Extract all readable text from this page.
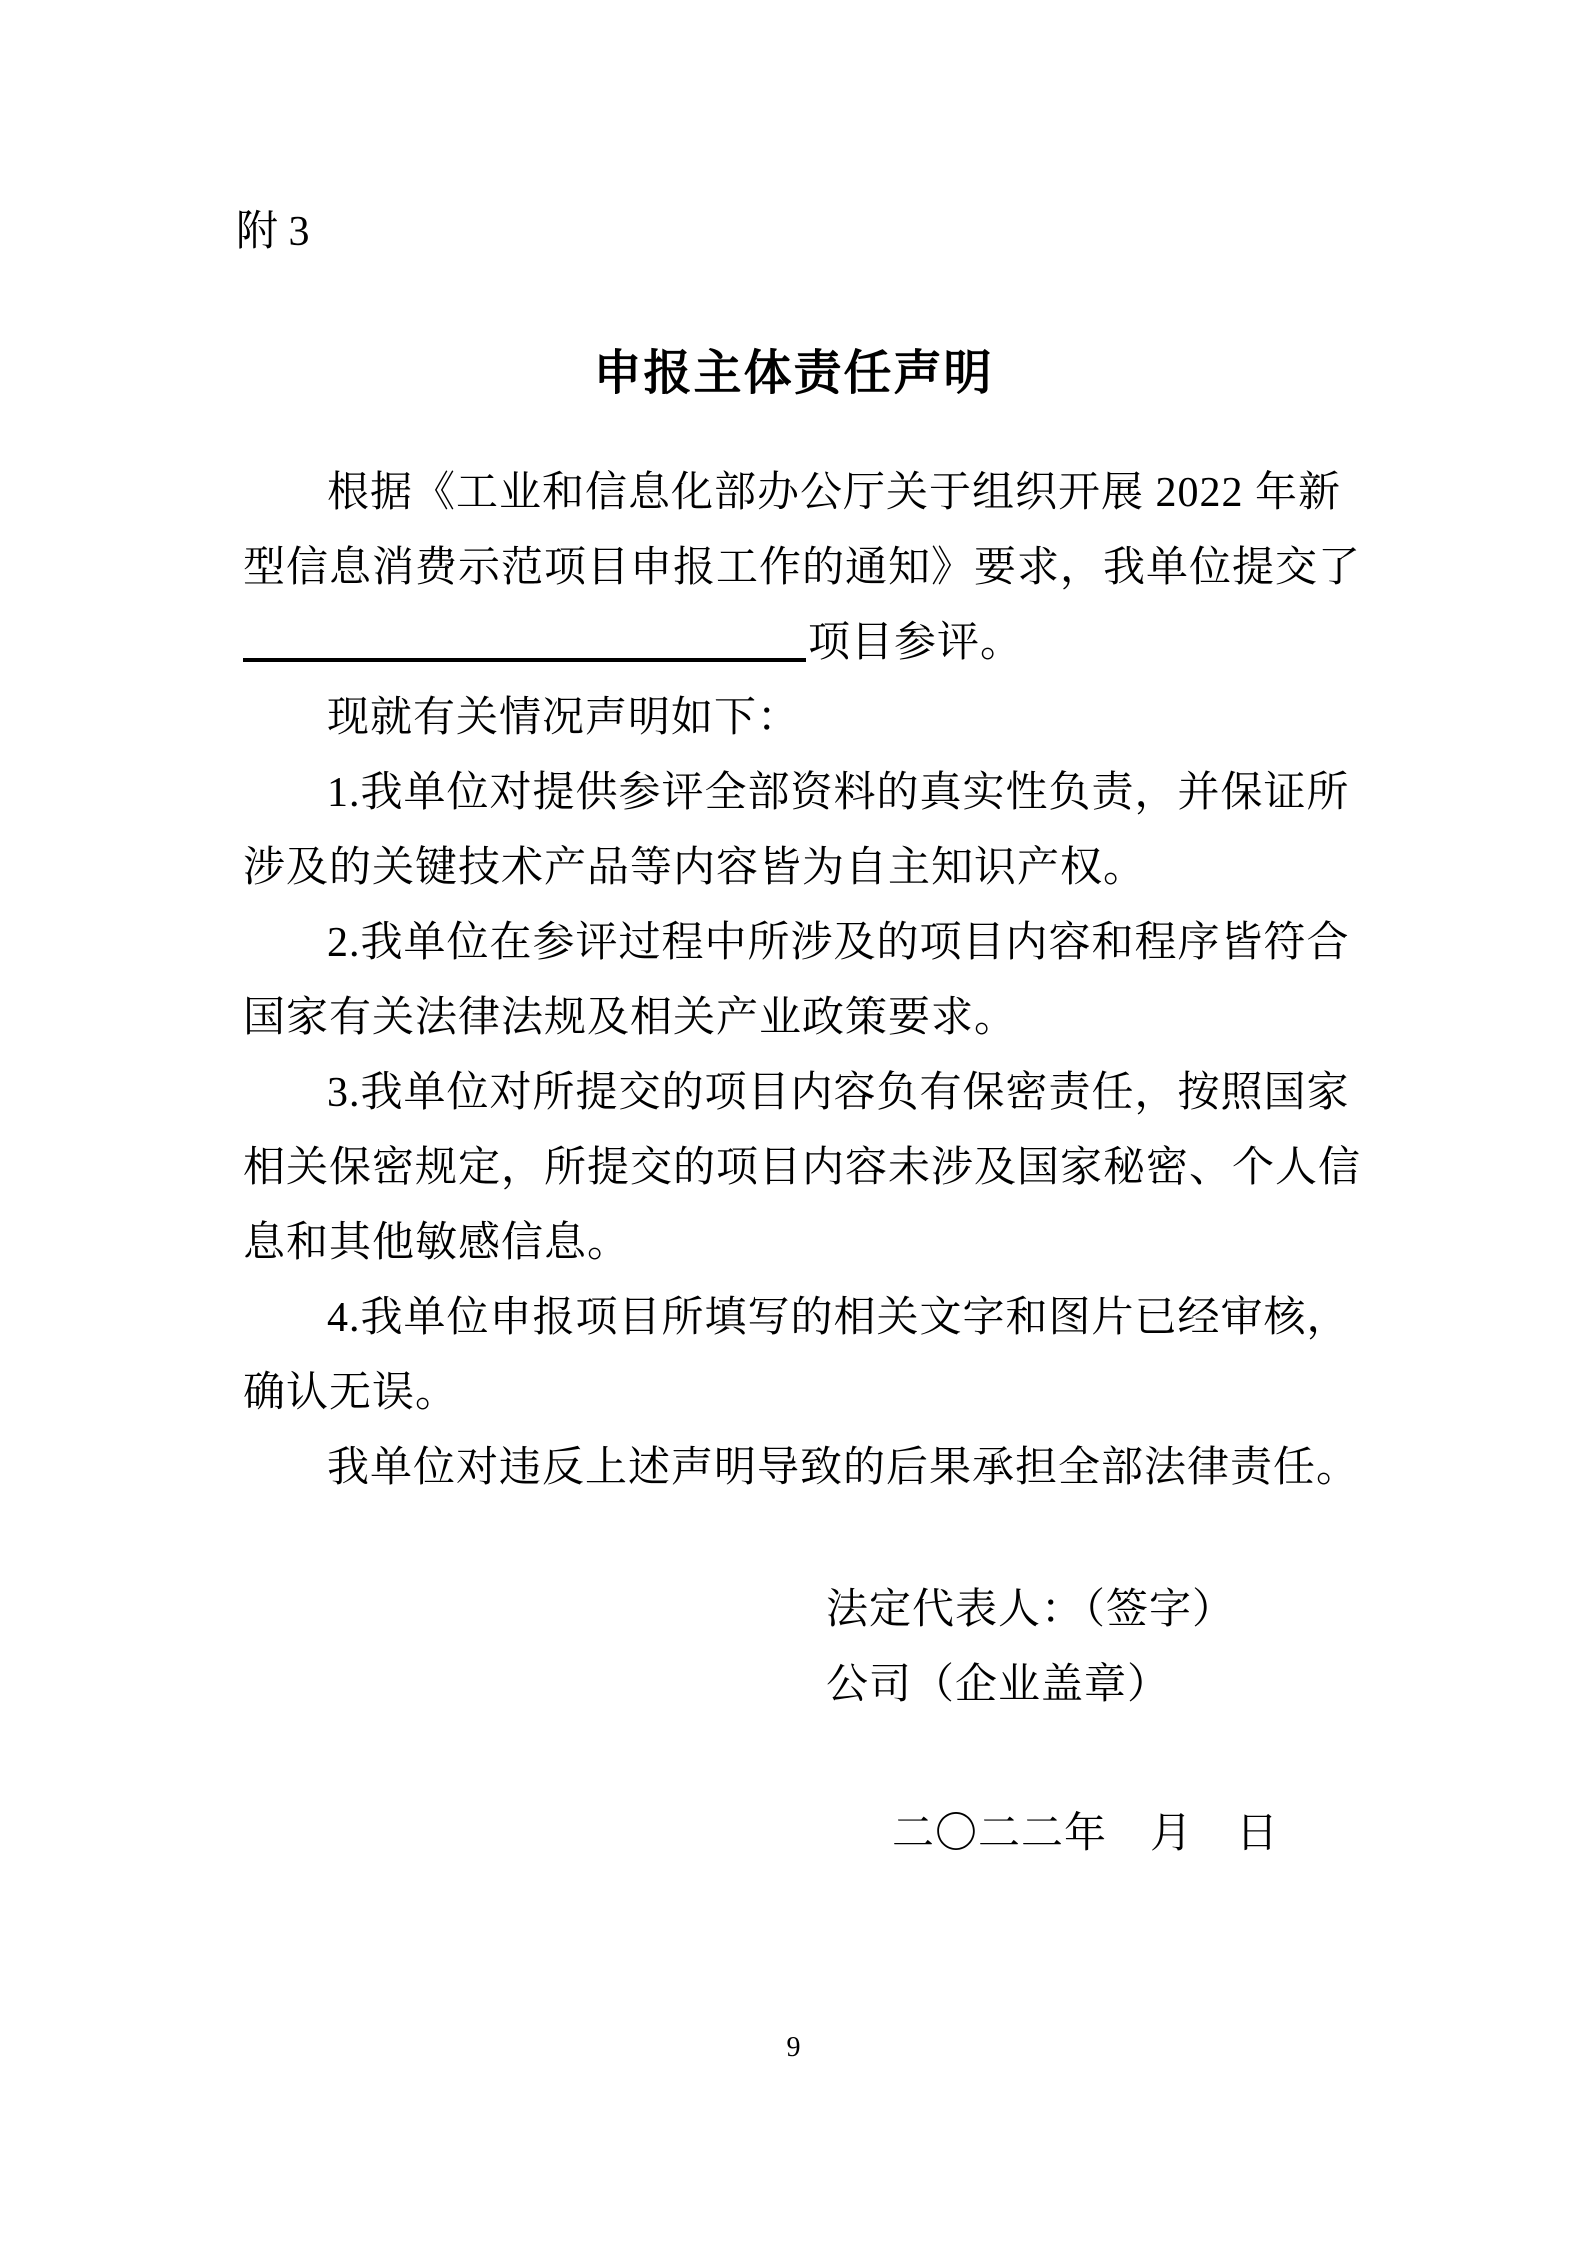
附 3
申报主体责任声明
根据《工业和信息化部办公厅关于组织开展 2022 年新
型信息消费示范项目申报工作的通知》要求，我单位提交了
项目参评。
现就有关情况声明如下：
1.我单位对提供参评全部资料的真实性负责，并保证所
涉及的关键技术产品等内容皆为自主知识产权。
2.我单位在参评过程中所涉及的项目内容和程序皆符合
国家有关法律法规及相关产业政策要求。
3.我单位对所提交的项目内容负有保密责任，按照国家
相关保密规定，所提交的项目内容未涉及国家秘密、个人信
息和其他敏感信息。
4.我单位申报项目所填写的相关文字和图片已经审核，
确认无误。
我单位对违反上述声明导致的后果承担全部法律责任。
法定代表人：（签字）
公司（企业盖章）
二〇二二年　月　日
9
